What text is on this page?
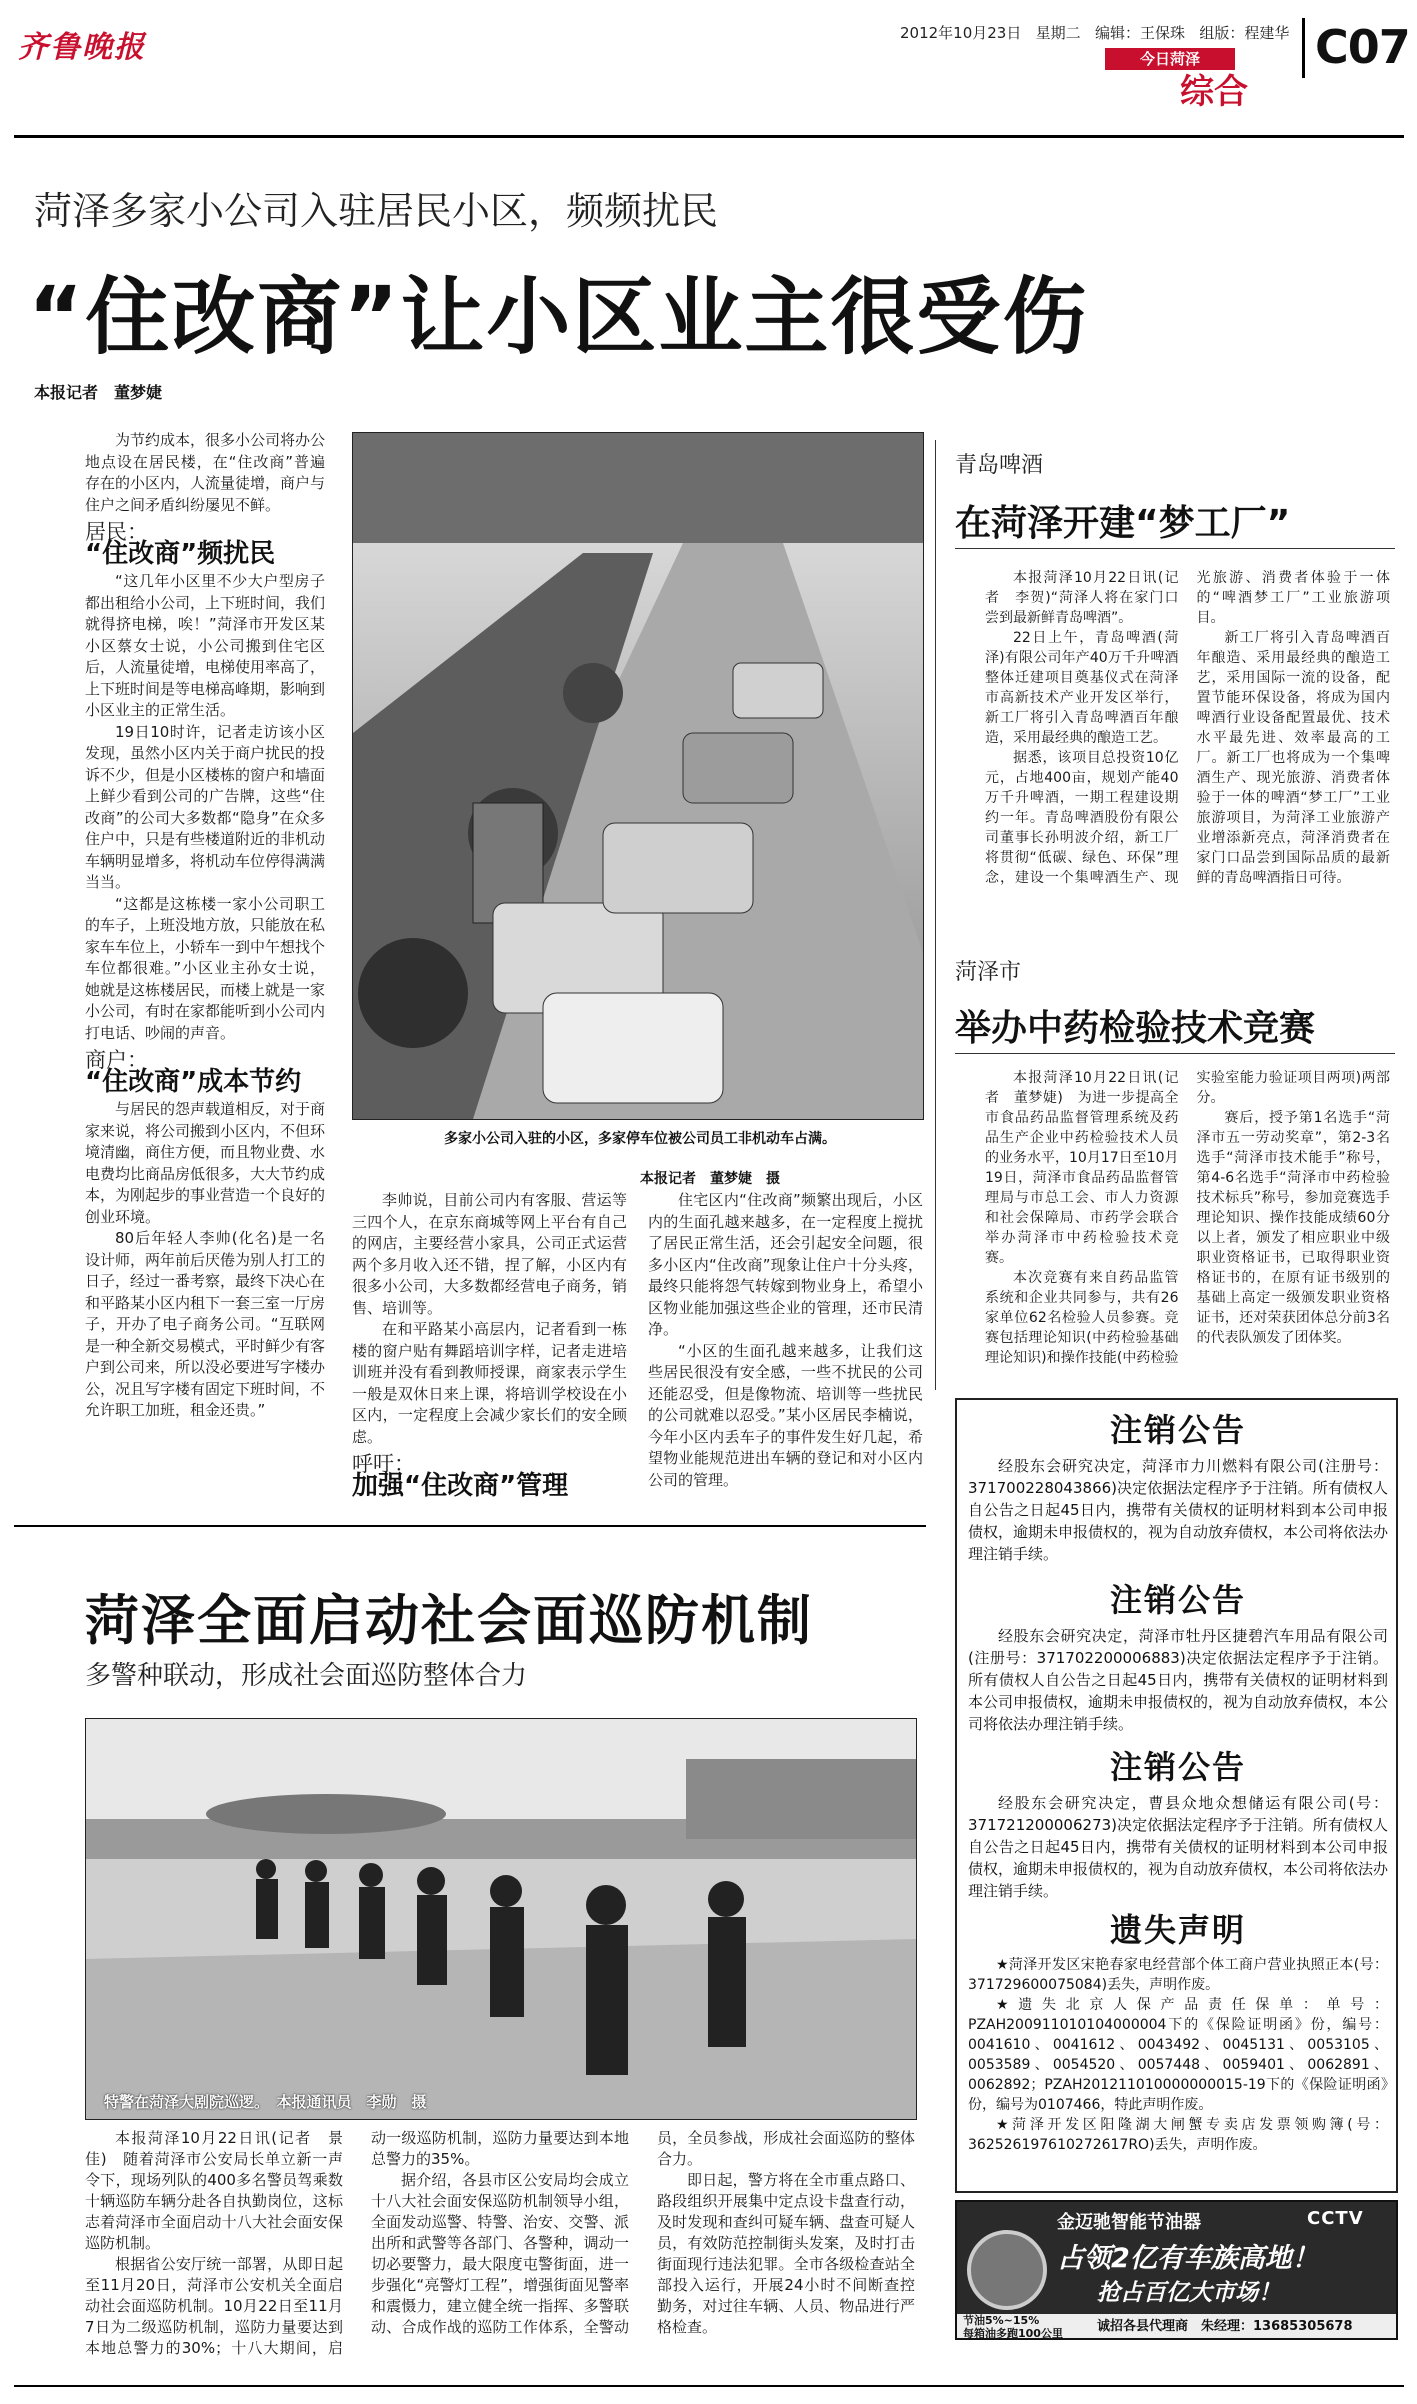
齐鲁晚报	2012年10月23日 星期二 编辑：王保珠 组版：程建华
今日菏泽
综合
C07
菏泽多家小公司入驻居民小区，频频扰民
“住改商”让小区业主很受伤
本报记者　董梦婕

为节约成本，很多小公司将办公地点设在居民楼，在“住改商”普遍存在的小区内，人流量徒增，商户与住户之间矛盾纠纷屡见不鲜。

居民：
“住改商”频扰民

“这几年小区里不少大户型房子都出租给小公司，上下班时间，我们就得挤电梯，唉！”菏泽市开发区某小区蔡女士说，小公司搬到住宅区后，人流量徒增，电梯使用率高了，上下班时间是等电梯高峰期，影响到小区业主的正常生活。

19日10时许，记者走访该小区发现，虽然小区内关于商户扰民的投诉不少，但是小区楼栋的窗户和墙面上鲜少看到公司的广告牌，这些“住改商”的公司大多数都“隐身”在众多住户中，只是有些楼道附近的非机动车辆明显增多，将机动车位停得满满当当。

“这都是这栋楼一家小公司职工的车子，上班没地方放，只能放在私家车车位上，小轿车一到中午想找个车位都很难。”小区业主孙女士说，她就是这栋楼居民，而楼上就是一家小公司，有时在家都能听到小公司内打电话、吵闹的声音。

商户：
“住改商”成本节约

与居民的怨声载道相反，对于商家来说，将公司搬到小区内，不但环境清幽，商住方便，而且物业费、水电费均比商品房低很多，大大节约成本，为刚起步的事业营造一个良好的创业环境。

80后年轻人李帅(化名)是一名设计师，两年前后厌倦为别人打工的日子，经过一番考察，最终下决心在和平路某小区内租下一套三室一厅房子，开办了电子商务公司。“互联网是一种全新交易模式，平时鲜少有客户到公司来，所以没必要进写字楼办公，况且写字楼有固定下班时间，不允许职工加班，租金还贵。”

多家小公司入驻的小区，多家停车位被公司员工非机动车占满。
本报记者　董梦婕　摄

李帅说，目前公司内有客服、营运等三四个人，在京东商城等网上平台有自己的网店，主要经营小家具，公司正式运营两个多月收入还不错，捏了解，小区内有很多小公司，大多数都经营电子商务，销售、培训等。

在和平路某小高层内，记者看到一栋楼的窗户贴有舞蹈培训字样，记者走进培训班并没有看到教师授课，商家表示学生一般是双休日来上课，将培训学校设在小区内，一定程度上会减少家长们的安全顾虑。

呼吁：
加强“住改商”管理

住宅区内“住改商”频繁出现后，小区内的生面孔越来越多，在一定程度上搅扰了居民正常生活，还会引起安全问题，很多小区内“住改商”现象让住户十分头疼，最终只能将怨气转嫁到物业身上，希望小区物业能加强这些企业的管理，还市民清净。

“小区的生面孔越来越多，让我们这些居民很没有安全感，一些不扰民的公司还能忍受，但是像物流、培训等一些扰民的公司就难以忍受。”某小区居民李楠说，今年小区内丢车子的事件发生好几起，希望物业能规范进出车辆的登记和对小区内公司的管理。

青岛啤酒
在菏泽开建“梦工厂”

本报菏泽10月22日讯(记者　李贺)“菏泽人将在家门口尝到最新鲜青岛啤酒”。

22日上午，青岛啤酒(菏泽)有限公司年产40万千升啤酒整体迁建项目奠基仪式在菏泽市高新技术产业开发区举行，新工厂将引入青岛啤酒百年酿造，采用最经典的酿造工艺。

据悉，该项目总投资10亿元，占地400亩，规划产能40万千升啤酒，一期工程建设期约一年。青岛啤酒股份有限公司董事长孙明波介绍，新工厂将贯彻“低碳、绿色、环保”理念，建设一个集啤酒生产、现光旅游、消费者体验于一体的“啤酒梦工厂”工业旅游项目。

新工厂将引入青岛啤酒百年酿造、采用最经典的酿造工艺，采用国际一流的设备，配置节能环保设备，将成为国内啤酒行业设备配置最优、技术水平最先进、效率最高的工厂。新工厂也将成为一个集啤酒生产、现光旅游、消费者体验于一体的啤酒“梦工厂”工业旅游项目，为菏泽工业旅游产业增添新亮点，菏泽消费者在家门口品尝到国际品质的最新鲜的青岛啤酒指日可待。

菏泽市
举办中药检验技术竞赛

本报菏泽10月22日讯(记者　董梦婕)　为进一步提高全市食品药品监督管理系统及药品生产企业中药检验技术人员的业务水平，10月17日至10月19日，菏泽市食品药品监督管理局与市总工会、市人力资源和社会保障局、市药学会联合举办菏泽市中药检验技术竞赛。

本次竞赛有来自药品监管系统和企业共同参与，共有26家单位62名检验人员参赛。竞赛包括理论知识(中药检验基础理论知识)和操作技能(中药检验实验室能力验证项目两项)两部分。

赛后，授予第1名选手“菏泽市五一劳动奖章”，第2-3名选手“菏泽市技术能手”称号，第4-6名选手“菏泽市中药检验技术标兵”称号，参加竞赛选手理论知识、操作技能成绩60分以上者，颁发了相应职业中级职业资格证书，已取得职业资格证书的，在原有证书级别的基础上高定一级颁发职业资格证书，还对荣获团体总分前3名的代表队颁发了团体奖。

注销公告

经股东会研究决定，菏泽市力川燃料有限公司(注册号：371700228043866)决定依据法定程序予于注销。所有债权人自公告之日起45日内，携带有关债权的证明材料到本公司申报债权，逾期未申报债权的，视为自动放弃债权，本公司将依法办理注销手续。

注销公告

经股东会研究决定，菏泽市牡丹区捷碧汽车用品有限公司(注册号：371702200006883)决定依据法定程序予于注销。所有债权人自公告之日起45日内，携带有关债权的证明材料到本公司申报债权，逾期未申报债权的，视为自动放弃债权，本公司将依法办理注销手续。

注销公告

经股东会研究决定，曹县众地众想储运有限公司(号：371721200006273)决定依据法定程序予于注销。所有债权人自公告之日起45日内，携带有关债权的证明材料到本公司申报债权，逾期未申报债权的，视为自动放弃债权，本公司将依法办理注销手续。

遗失声明

★菏泽开发区宋艳春家电经营部个体工商户营业执照正本(号：371729600075084)丢失，声明作废。

★遗失北京人保产品责任保单：单号：PZAH200911010104000004下的《保险证明函》份，编号：0041610、0041612、0043492、0045131、0053105、0053589、0054520、0057448、0059401、0062891、0062892；PZAH201211010000000015-19下的《保险证明函》份，编号为0107466，特此声明作废。

★菏泽开发区阳隆湖大闸蟹专卖店发票领购簿(号：362526197610272617RO)丢失，声明作废。

金迈驰智能节油器	CCTV
占领2亿有车族高地！
抢占百亿大市场！
节油5%~15%
每箱油多跑100公里	诚招各县代理商　朱经理：13685305678
菏泽全面启动社会面巡防机制
多警种联动，形成社会面巡防整体合力
特警在菏泽大剧院巡逻。　本报通讯员　李勋　摄

本报菏泽10月22日讯(记者　景佳)　随着菏泽市公安局长单立新一声令下，现场列队的400多名警员驾乘数十辆巡防车辆分赴各自执勤岗位，这标志着菏泽市全面启动十八大社会面安保巡防机制。

根据省公安厅统一部署，从即日起至11月20日，菏泽市公安机关全面启动社会面巡防机制。10月22日至11月7日为二级巡防机制，巡防力量要达到本地总警力的30%；十八大期间，启动一级巡防机制，巡防力量要达到本地总警力的35%。

据介绍，各县市区公安局均会成立十八大社会面安保巡防机制领导小组，全面发动巡警、特警、治安、交警、派出所和武警等各部门、各警种，调动一切必要警力，最大限度屯警街面，进一步强化“亮警灯工程”，增强街面见警率和震慑力，建立健全统一指挥、多警联动、合成作战的巡防工作体系，全警动员，全员参战，形成社会面巡防的整体合力。

即日起，警方将在全市重点路口、路段组织开展集中定点设卡盘查行动，及时发现和查纠可疑车辆、盘查可疑人员，有效防范控制街头发案，及时打击街面现行违法犯罪。全市各级检查站全部投入运行，开展24小时不间断查控勤务，对过往车辆、人员、物品进行严格检查。
